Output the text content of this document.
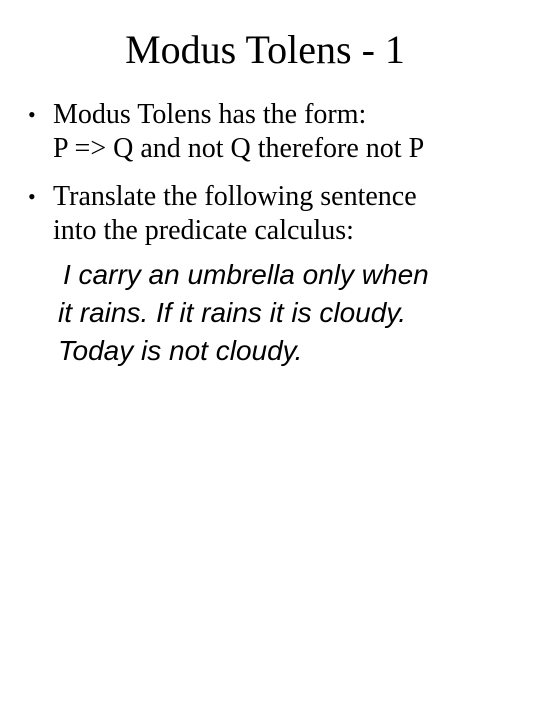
Modus Tolens - 1
• Modus Tolens has the form:
P => Q and not Q therefore not P
• Translate the following sentence
into the predicate calculus:
I carry an umbrella only when
it rains. If it rains it is cloudy.
Today is not cloudy.
